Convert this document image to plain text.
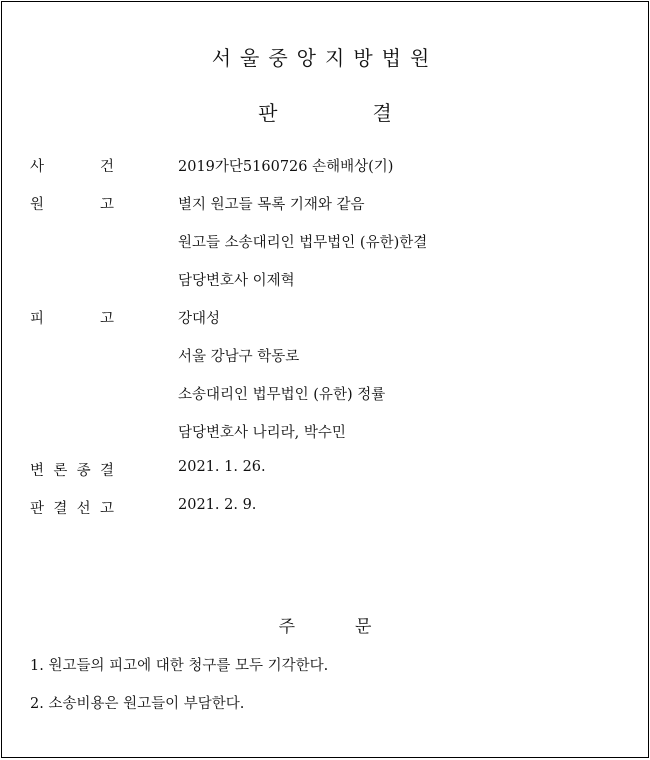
서울중앙지방법원
판	결
사	건	2019가단5160726 손해배상(기)
원	고	별지 원고들 목록 기재와 같음
원고들 소송대리인 법무법인 (유한)한결
담당변호사 이제혁
피	고	강대성
서울 강남구 학동로
소송대리인 법무법인 (유한) 정률
담당변호사 나리라, 박수민
변 론 종 결	2021. 1. 26.
판 결 선 고	2021. 2. 9.
주	문
1. 원고들의 피고에 대한 청구를 모두 기각한다.
2. 소송비용은 원고들이 부담한다.
